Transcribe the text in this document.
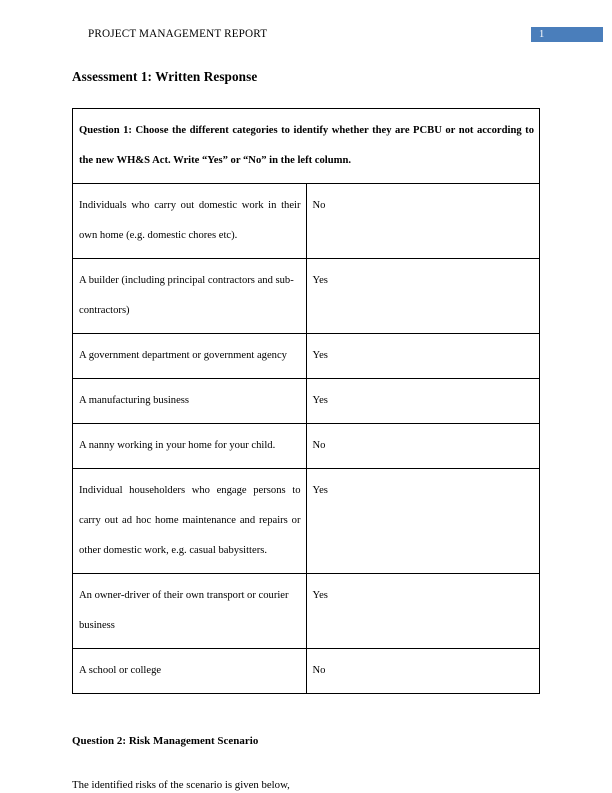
PROJECT MANAGEMENT REPORT	1
Assessment 1: Written Response
Question 1: Choose the different categories to identify whether they are PCBU or not according to the new WH&S Act. Write “Yes” or “No” in the left column.	
Individuals who carry out domestic work in their own home (e.g. domestic chores etc).	No
A builder (including principal contractors and sub-contractors)	Yes
A government department or government agency	Yes
A manufacturing business	Yes
A nanny working in your home for your child.	No
Individual householders who engage persons to carry out ad hoc home maintenance and repairs or other domestic work, e.g. casual babysitters.	Yes
An owner-driver of their own transport or courier business	Yes
A school or college	No
Question 2: Risk Management Scenario

The identified risks of the scenario is given below,
